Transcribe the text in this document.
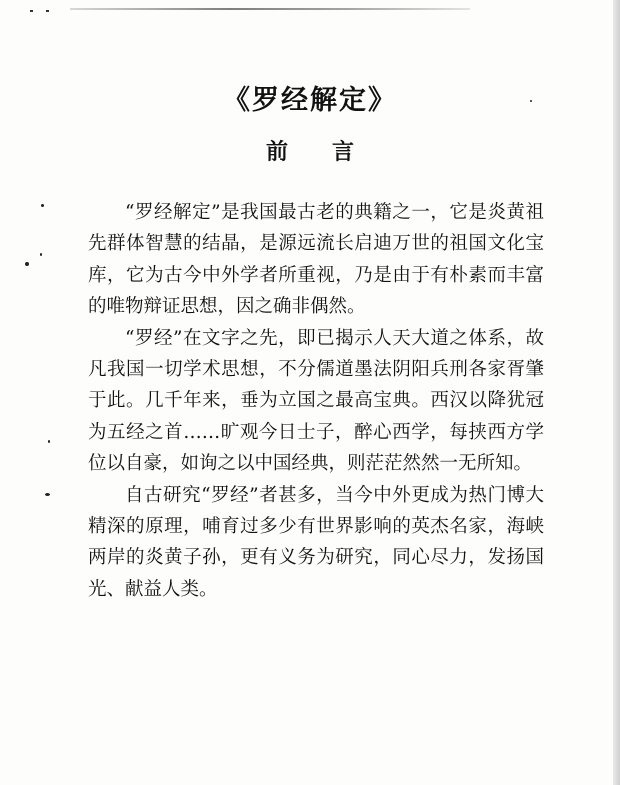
《罗经解定》
前 言

“罗经解定”是我国最古老的典籍之一，它是炎黄祖先群体智慧的结晶，是源远流长启迪万世的祖国文化宝库，它为古今中外学者所重视，乃是由于有朴素而丰富的唯物辩证思想，因之确非偶然。

“罗经”在文字之先，即已揭示人天大道之体系，故凡我国一切学术思想，不分儒道墨法阴阳兵刑各家胥肇于此。几千年来，垂为立国之最高宝典。西汉以降犹冠为五经之首……旷观今日士子，醉心西学，每挟西方学位以自豪，如询之以中国经典，则茫茫然然一无所知。

自古研究“罗经”者甚多，当今中外更成为热门博大精深的原理，哺育过多少有世界影响的英杰名家，海峡两岸的炎黄子孙，更有义务为研究，同心尽力，发扬国光、献益人类。
